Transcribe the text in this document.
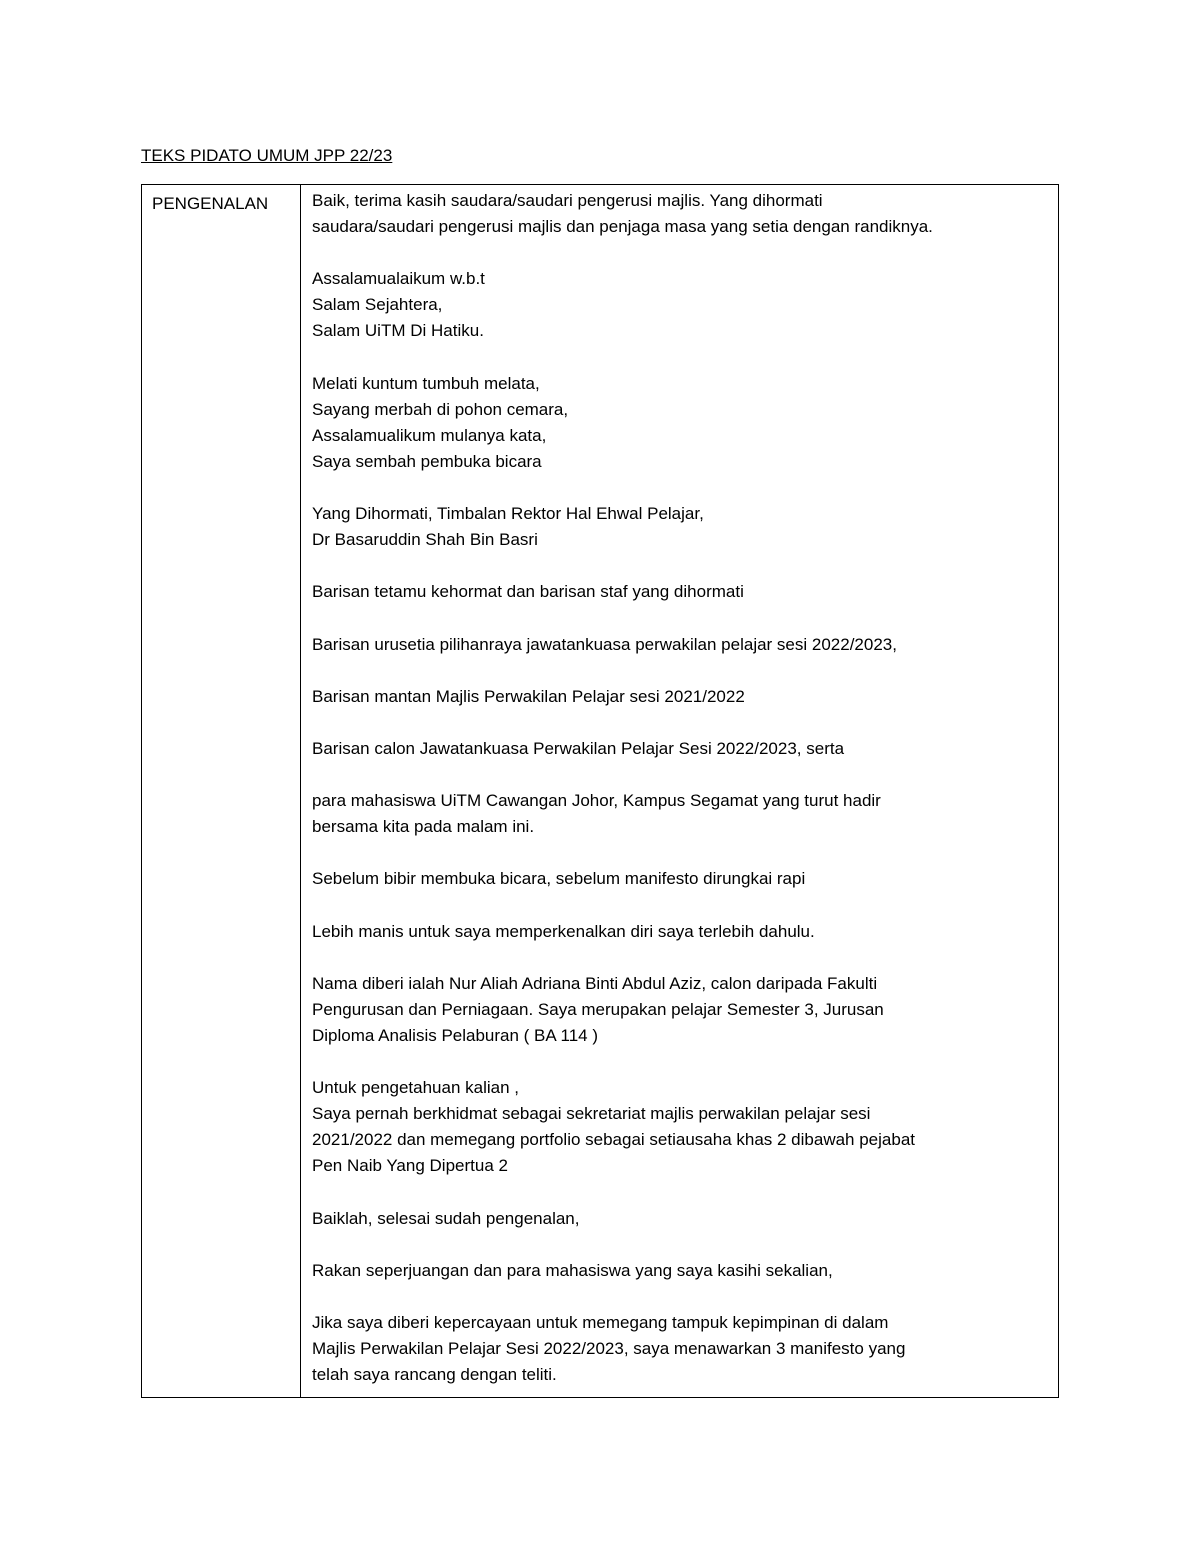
TEKS PIDATO UMUM JPP 22/23
PENGENALAN	Baik, terima kasih saudara/saudari pengerusi majlis. Yang dihormati
saudara/saudari pengerusi majlis dan penjaga masa yang setia dengan randiknya.
Assalamualaikum w.b.t
Salam Sejahtera,
Salam UiTM Di Hatiku.
Melati kuntum tumbuh melata,
Sayang merbah di pohon cemara,
Assalamualikum mulanya kata,
Saya sembah pembuka bicara
Yang Dihormati, Timbalan Rektor Hal Ehwal Pelajar,
Dr Basaruddin Shah Bin Basri
Barisan tetamu kehormat dan barisan staf yang dihormati
Barisan urusetia pilihanraya jawatankuasa perwakilan pelajar sesi 2022/2023,
Barisan mantan Majlis Perwakilan Pelajar sesi 2021/2022
Barisan calon Jawatankuasa Perwakilan Pelajar Sesi 2022/2023, serta
para mahasiswa UiTM Cawangan Johor, Kampus Segamat yang turut hadir
bersama kita pada malam ini.
Sebelum bibir membuka bicara, sebelum manifesto dirungkai rapi
Lebih manis untuk saya memperkenalkan diri saya terlebih dahulu.
Nama diberi ialah Nur Aliah Adriana Binti Abdul Aziz, calon daripada Fakulti
Pengurusan dan Perniagaan. Saya merupakan pelajar Semester 3, Jurusan
Diploma Analisis Pelaburan ( BA 114 )
Untuk pengetahuan kalian ,
Saya pernah berkhidmat sebagai sekretariat majlis perwakilan pelajar sesi
2021/2022 dan memegang portfolio sebagai setiausaha khas 2 dibawah pejabat
Pen Naib Yang Dipertua 2
Baiklah, selesai sudah pengenalan,
Rakan seperjuangan dan para mahasiswa yang saya kasihi sekalian,
Jika saya diberi kepercayaan untuk memegang tampuk kepimpinan di dalam
Majlis Perwakilan Pelajar Sesi 2022/2023, saya menawarkan 3 manifesto yang
telah saya rancang dengan teliti.
